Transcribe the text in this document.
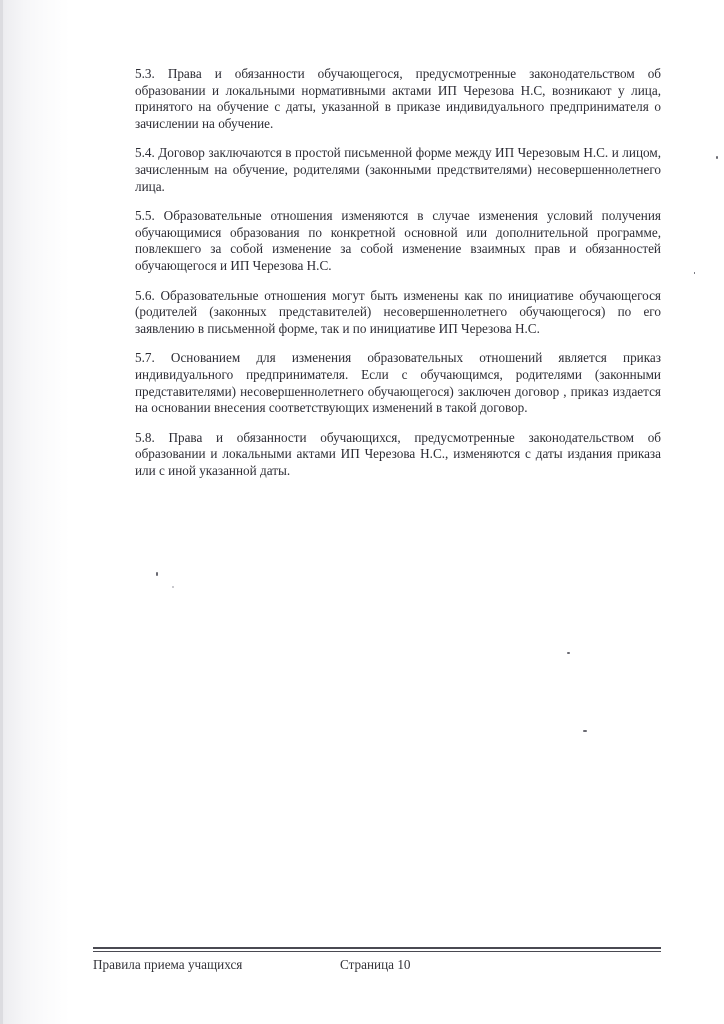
5.3. Права и обязанности обучающегося, предусмотренные законодательством об образовании и локальными нормативными актами ИП Черезова Н.С, возникают у лица, принятого на обучение с даты, указанной в приказе индивидуального предпринимателя о зачислении на обучение.

5.4. Договор заключаются в простой письменной форме между ИП Черезовым Н.С. и лицом, зачисленным на обучение, родителями (законными предствителями) несовершеннолетнего лица.

5.5. Образовательные отношения изменяются в случае изменения условий получения обучающимися образования по конкретной основной или дополнительной программе, повлекшего за собой изменение за собой изменение взаимных прав и обязанностей обучающегося и ИП Черезова Н.С.

5.6. Образовательные отношения могут быть изменены как по инициативе обучающегося (родителей (законных представителей) несовершеннолетнего обучающегося) по его заявлению в письменной форме, так и по инициативе ИП Черезова Н.С.

5.7. Основанием для изменения образовательных отношений является приказ индивидуального предпринимателя. Если с обучающимся, родителями (законными представителями) несовершеннолетнего обучающегося) заключен договор , приказ издается на основании внесения соответствующих изменений в такой договор.

5.8. Права и обязанности обучающихся, предусмотренные законодательством об образовании и локальными актами ИП Черезова Н.С., изменяются с даты издания приказа или с иной указанной даты.

Правила приема учащихся	Страница 10
